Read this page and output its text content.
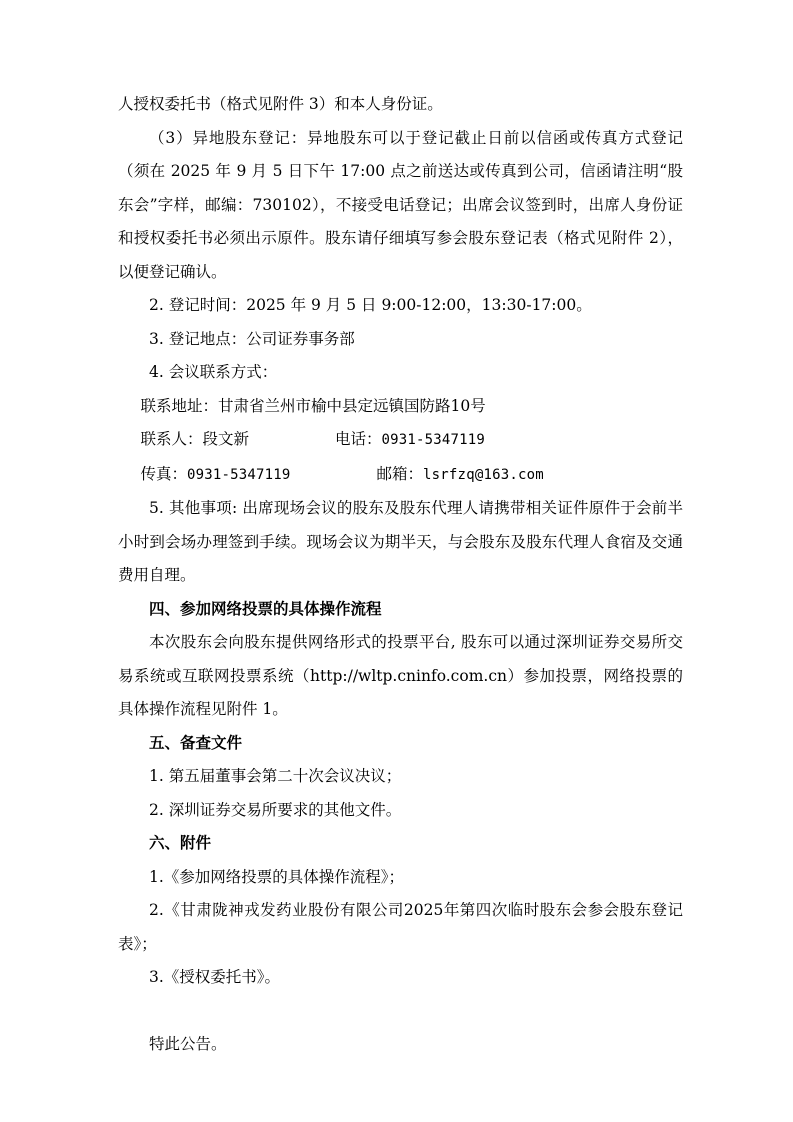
人授权委托书（格式见附件 3）和本人身份证。

（3）异地股东登记：异地股东可以于登记截止日前以信函或传真方式登记（须在 2025 年 9 月 5 日下午 17:00 点之前送达或传真到公司，信函请注明“股东会”字样，邮编：730102），不接受电话登记；出席会议签到时，出席人身份证和授权委托书必须出示原件。股东请仔细填写参会股东登记表（格式见附件 2），以便登记确认。

2. 登记时间：2025 年 9 月 5 日 9:00-12:00，13:30-17:00。

3. 登记地点：公司证券事务部

4. 会议联系方式：

联系地址：甘肃省兰州市榆中县定远镇国防路10号

联系人：段文新	电话：0931-5347119

传真：0931-5347119	邮箱：lsrfzq@163.com

5. 其他事项: 出席现场会议的股东及股东代理人请携带相关证件原件于会前半小时到会场办理签到手续。现场会议为期半天，与会股东及股东代理人食宿及交通费用自理。

四、参加网络投票的具体操作流程

本次股东会向股东提供网络形式的投票平台, 股东可以通过深圳证券交易所交易系统或互联网投票系统（http://wltp.cninfo.com.cn）参加投票，网络投票的具体操作流程见附件 1。

五、备查文件

1. 第五届董事会第二十次会议决议；

2. 深圳证券交易所要求的其他文件。

六、附件

1.《参加网络投票的具体操作流程》；

2.《甘肃陇神戎发药业股份有限公司2025年第四次临时股东会参会股东登记表》；

3.《授权委托书》。

特此公告。
